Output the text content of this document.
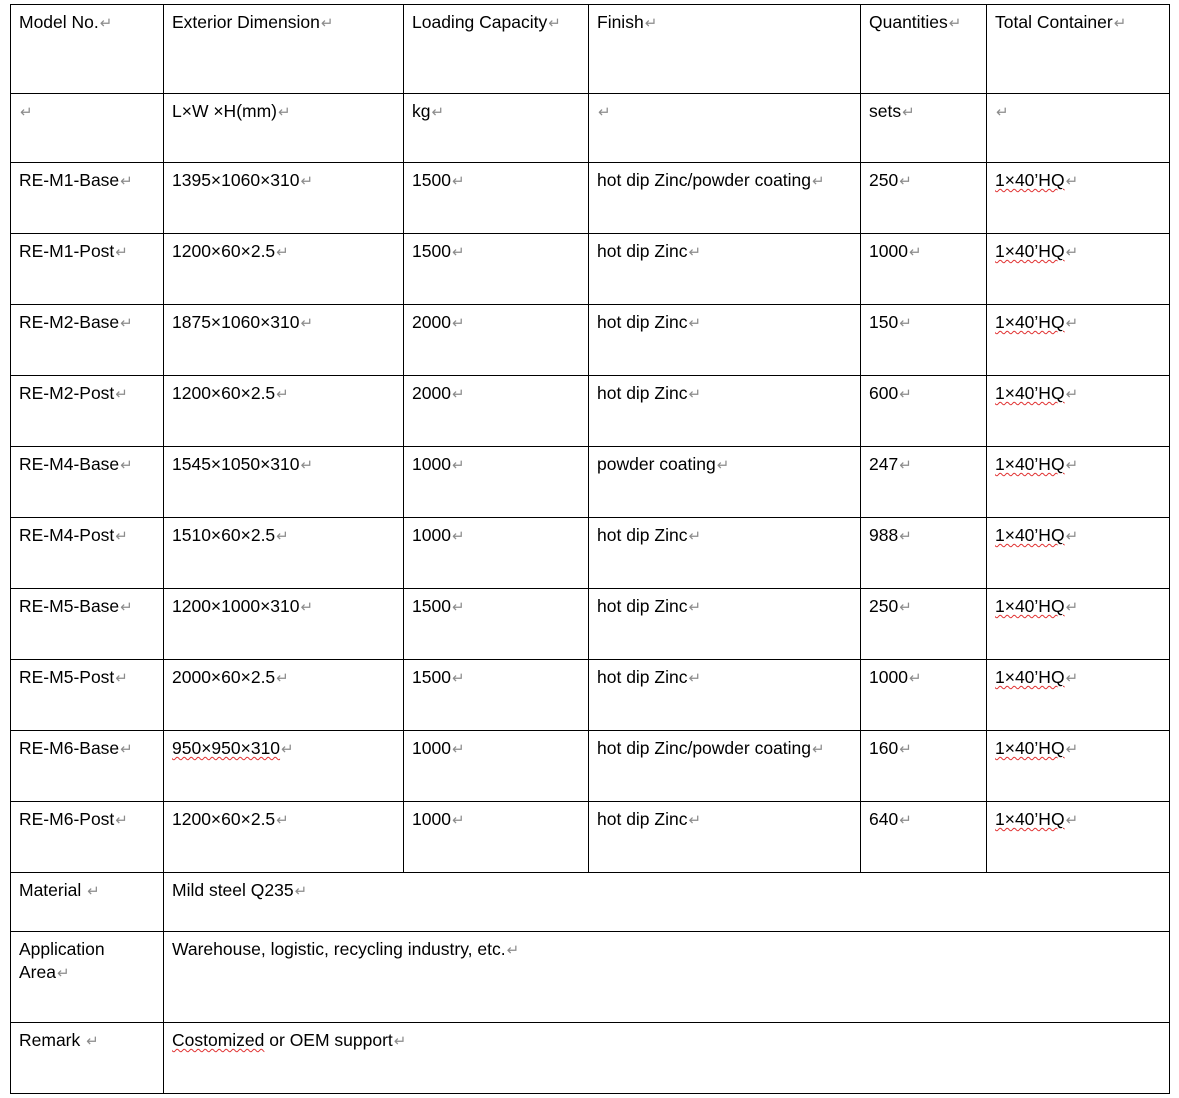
Model No.↵	Exterior Dimension↵	Loading Capacity↵	Finish↵	Quantities↵	Total Container↵
↵	L×W ×H(mm)↵	kg↵	↵	sets↵	↵
RE-M1-Base↵	1395×1060×310↵	1500↵	hot dip Zinc/powder coating↵	250↵	1×40’HQ↵
RE-M1-Post↵	1200×60×2.5↵	1500↵	hot dip Zinc↵	1000↵	1×40’HQ↵
RE-M2-Base↵	1875×1060×310↵	2000↵	hot dip Zinc↵	150↵	1×40’HQ↵
RE-M2-Post↵	1200×60×2.5↵	2000↵	hot dip Zinc↵	600↵	1×40’HQ↵
RE-M4-Base↵	1545×1050×310↵	1000↵	powder coating↵	247↵	1×40’HQ↵
RE-M4-Post↵	1510×60×2.5↵	1000↵	hot dip Zinc↵	988↵	1×40’HQ↵
RE-M5-Base↵	1200×1000×310↵	1500↵	hot dip Zinc↵	250↵	1×40’HQ↵
RE-M5-Post↵	2000×60×2.5↵	1500↵	hot dip Zinc↵	1000↵	1×40’HQ↵
RE-M6-Base↵	950×950×310↵	1000↵	hot dip Zinc/powder coating↵	160↵	1×40’HQ↵
RE-M6-Post↵	1200×60×2.5↵	1000↵	hot dip Zinc↵	640↵	1×40’HQ↵
Material ↵	Mild steel Q235↵				
Application Area↵	Warehouse, logistic, recycling industry, etc.↵				
Remark ↵	Costomized or OEM support↵				
